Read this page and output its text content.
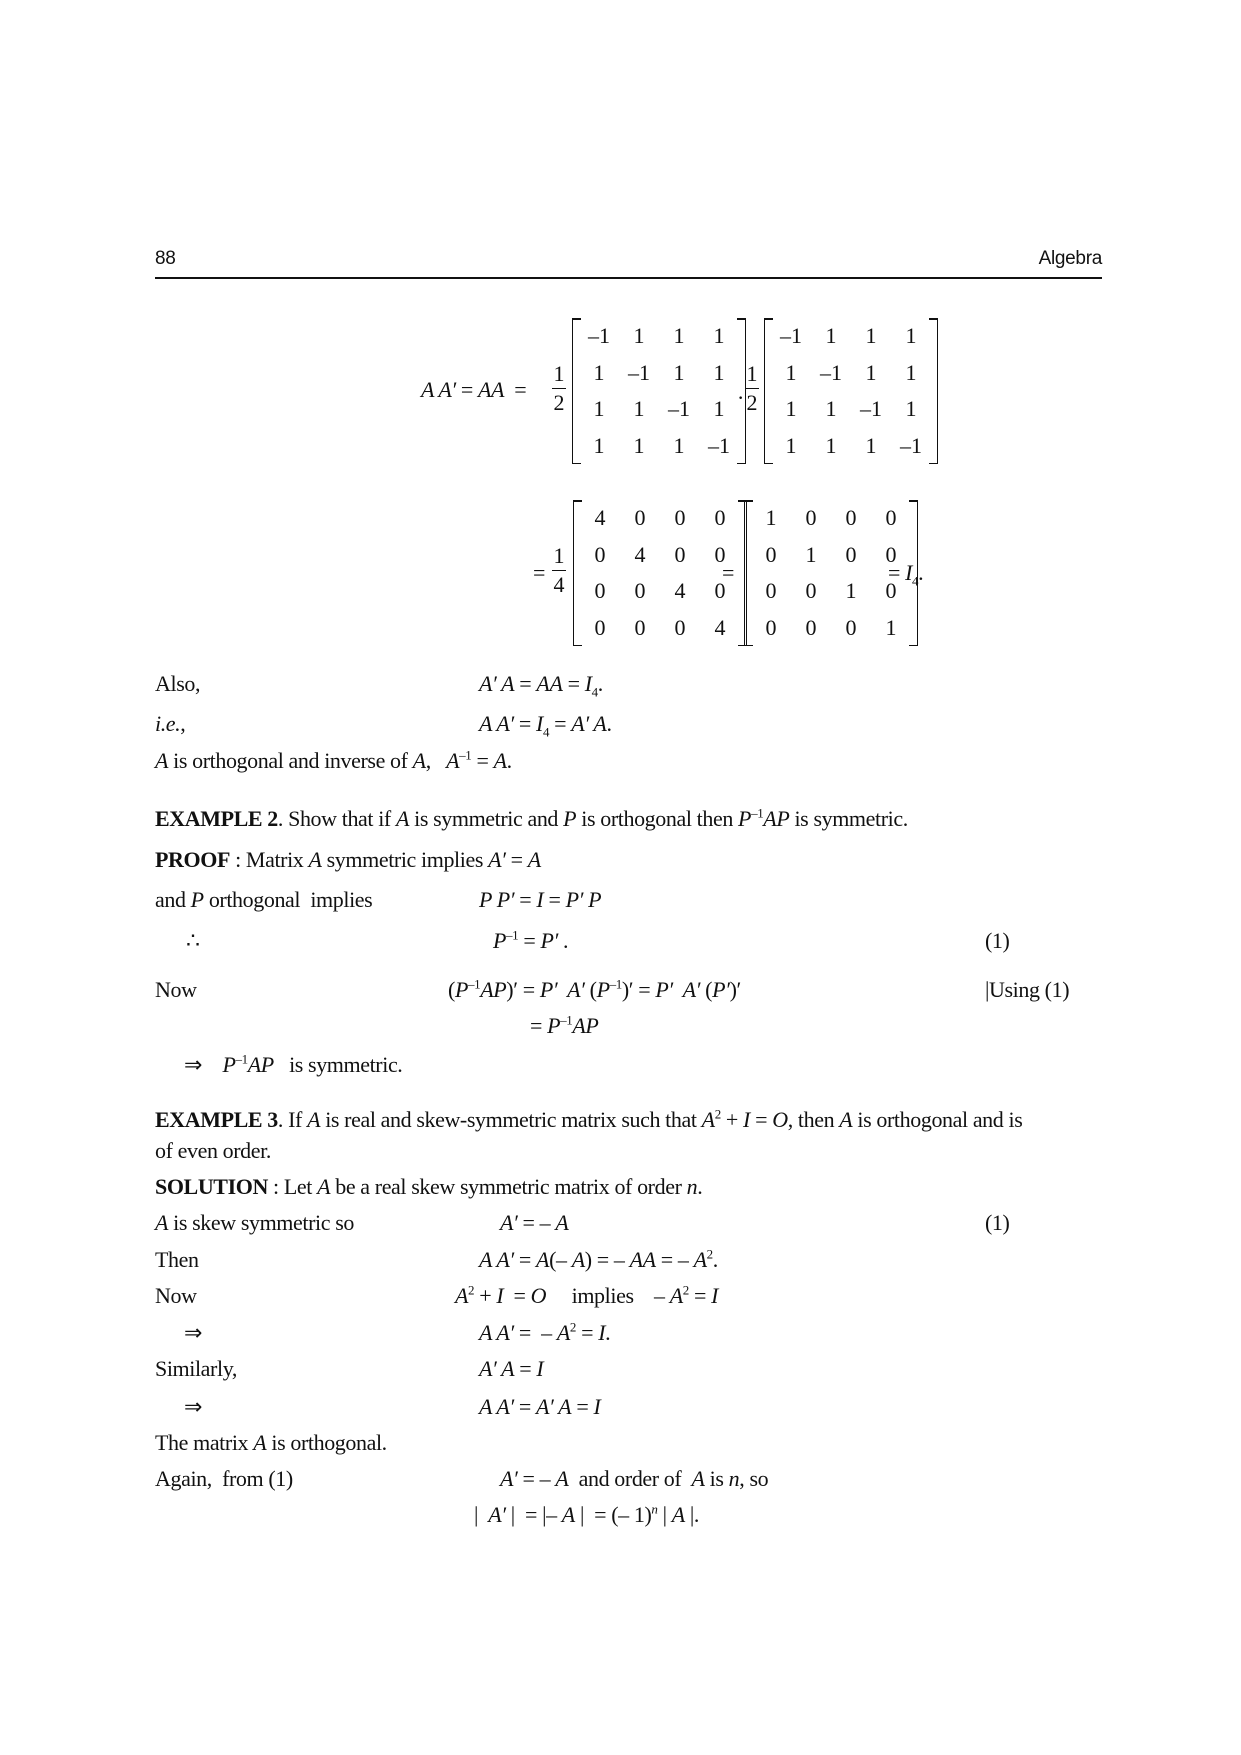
88	Algebra
A A′ = AA  =
1
2
–1	1	1	1
1	–1	1	1
1	1	–1	1
1	1	1	–1
·
1
2
–1	1	1	1
1	–1	1	1
1	1	–1	1
1	1	1	–1
=
1
4
4	0	0	0
0	4	0	0
0	0	4	0
0	0	0	4
=
1	0	0	0
0	1	0	0
0	0	1	0
0	0	0	1
= $I_4$.
Also,	A′ A = AA = $I_4$.
i.e.,	A $A' = I_4 = A'$ A.
A is orthogonal and inverse of A,   $A^{-1} = A$.
EXAMPLE 2. Show that if A is symmetric and P is orthogonal then $P^{-1}AP$ is symmetric.
PROOF : Matrix A symmetric implies A′ = A
and P orthogonal  implies	P P′ = I = P′ P
∴	$P^{-1} = P'$ .	(1)
Now	$(P^{-1}AP)' = P'$  A′ $(P^{-1})' = P'$  A′ (P′)′	|Using (1)
= $P^{-1}AP$
⇒    $P^{-1}AP$   is symmetric.
EXAMPLE 3. If A is real and skew-symmetric matrix such that $A^2 + I = O$, then A is orthogonal and is
of even order.
SOLUTION : Let A be a real skew symmetric matrix of order n.
A is skew symmetric so	A′ = – A	(1)
Then	A A′ = A(– A) = – AA = – $A^2$.
Now	$A^2 + I = O$     implies    – $A^2 = I$
⇒	A A′ =  – $A^2 = I$.
Similarly,	A′ A = I
⇒	A A′ = A′ A = I
The matrix A is orthogonal.
Again,  from (1)	A′ = – A  and order of  A is n, so
|  A′ |  = |– A |  = (– 1)$^n$ | A |.
